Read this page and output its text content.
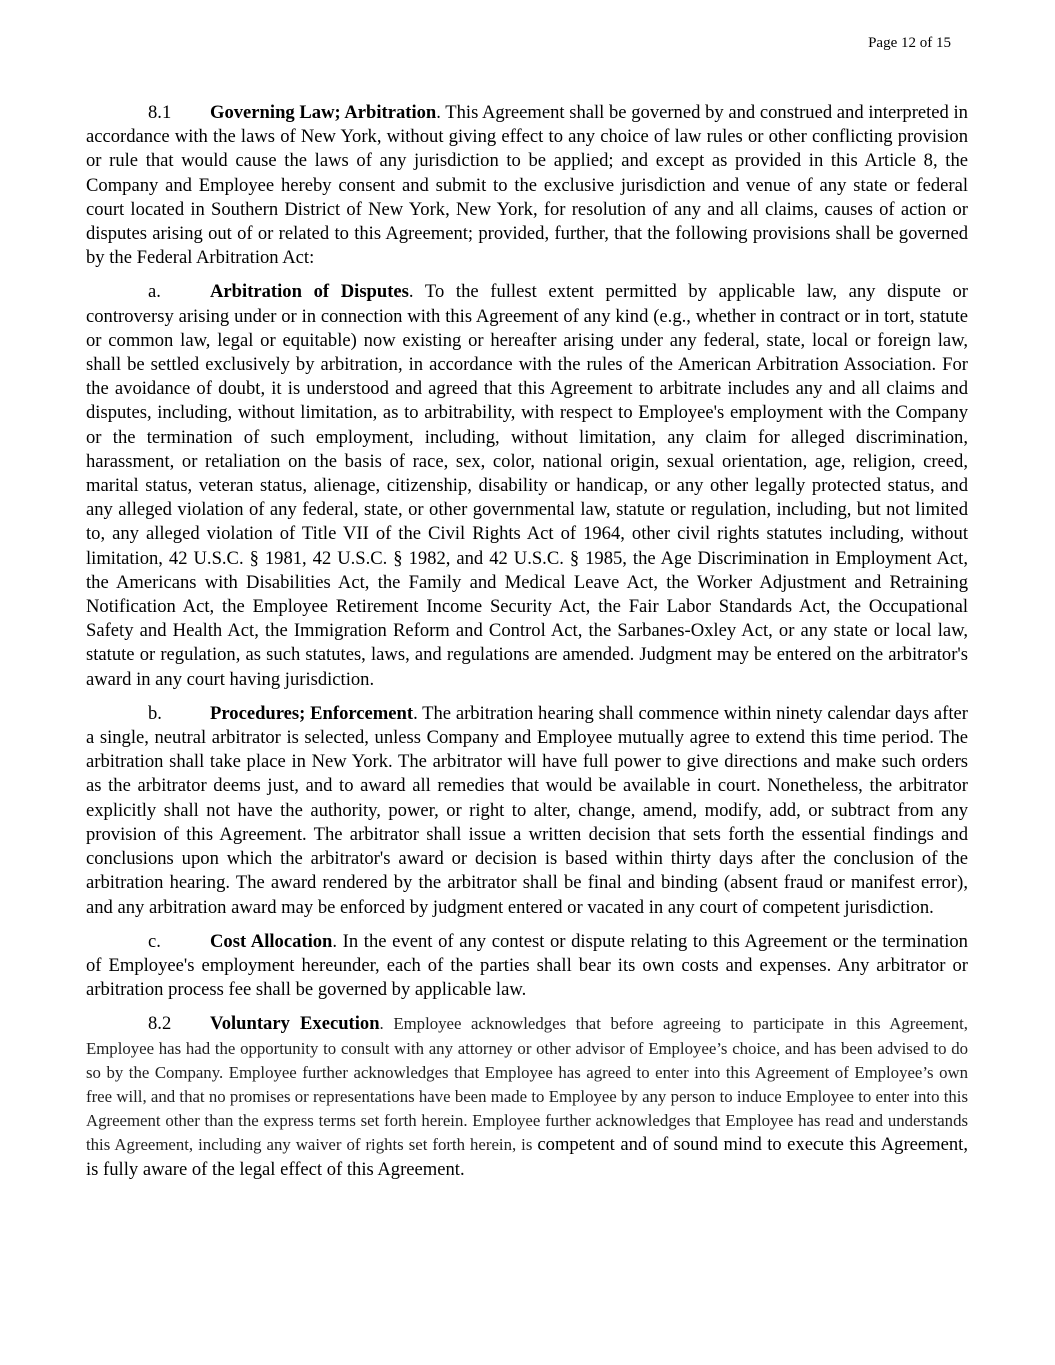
Page 12 of 15

8.1 Governing Law; Arbitration. This Agreement shall be governed by and construed and interpreted in accordance with the laws of New York, without giving effect to any choice of law rules or other conflicting provision or rule that would cause the laws of any jurisdiction to be applied; and except as provided in this Article 8, the Company and Employee hereby consent and submit to the exclusive jurisdiction and venue of any state or federal court located in Southern District of New York, New York, for resolution of any and all claims, causes of action or disputes arising out of or related to this Agreement; provided, further, that the following provisions shall be governed by the Federal Arbitration Act:

a.	Arbitration of Disputes. To the fullest extent permitted by applicable law, any dispute or controversy arising under or in connection with this Agreement of any kind (e.g., whether in contract or in tort, statute or common law, legal or equitable) now existing or hereafter arising under any federal, state, local or foreign law, shall be settled exclusively by arbitration, in accordance with the rules of the American Arbitration Association. For the avoidance of doubt, it is understood and agreed that this Agreement to arbitrate includes any and all claims and disputes, including, without limitation, as to arbitrability, with respect to Employee's employment with the Company or the termination of such employment, including, without limitation, any claim for alleged discrimination, harassment, or retaliation on the basis of race, sex, color, national origin, sexual orientation, age, religion, creed, marital status, veteran status, alienage, citizenship, disability or handicap, or any other legally protected status, and any alleged violation of any federal, state, or other governmental law, statute or regulation, including, but not limited to, any alleged violation of Title VII of the Civil Rights Act of 1964, other civil rights statutes including, without limitation, 42 U.S.C. § 1981, 42 U.S.C. § 1982, and 42 U.S.C. § 1985, the Age Discrimination in Employment Act, the Americans with Disabilities Act, the Family and Medical Leave Act, the Worker Adjustment and Retraining Notification Act, the Employee Retirement Income Security Act, the Fair Labor Standards Act, the Occupational Safety and Health Act, the Immigration Reform and Control Act, the Sarbanes-Oxley Act, or any state or local law, statute or regulation, as such statutes, laws, and regulations are amended. Judgment may be entered on the arbitrator's award in any court having jurisdiction.

b.	Procedures; Enforcement. The arbitration hearing shall commence within ninety calendar days after a single, neutral arbitrator is selected, unless Company and Employee mutually agree to extend this time period. The arbitration shall take place in New York. The arbitrator will have full power to give directions and make such orders as the arbitrator deems just, and to award all remedies that would be available in court. Nonetheless, the arbitrator explicitly shall not have the authority, power, or right to alter, change, amend, modify, add, or subtract from any provision of this Agreement. The arbitrator shall issue a written decision that sets forth the essential findings and conclusions upon which the arbitrator's award or decision is based within thirty days after the conclusion of the arbitration hearing. The award rendered by the arbitrator shall be final and binding (absent fraud or manifest error), and any arbitration award may be enforced by judgment entered or vacated in any court of competent jurisdiction.

c.	Cost Allocation. In the event of any contest or dispute relating to this Agreement or the termination of Employee's employment hereunder, each of the parties shall bear its own costs and expenses. Any arbitrator or arbitration process fee shall be governed by applicable law.

8.2 Voluntary Execution. Employee acknowledges that before agreeing to participate in this Agreement, Employee has had the opportunity to consult with any attorney or other advisor of Employee’s choice, and has been advised to do so by the Company. Employee further acknowledges that Employee has agreed to enter into this Agreement of Employee’s own free will, and that no promises or representations have been made to Employee by any person to induce Employee to enter into this Agreement other than the express terms set forth herein. Employee further acknowledges that Employee has read and understands this Agreement, including any waiver of rights set forth herein, is competent and of sound mind to execute this Agreement, is fully aware of the legal effect of this Agreement.
